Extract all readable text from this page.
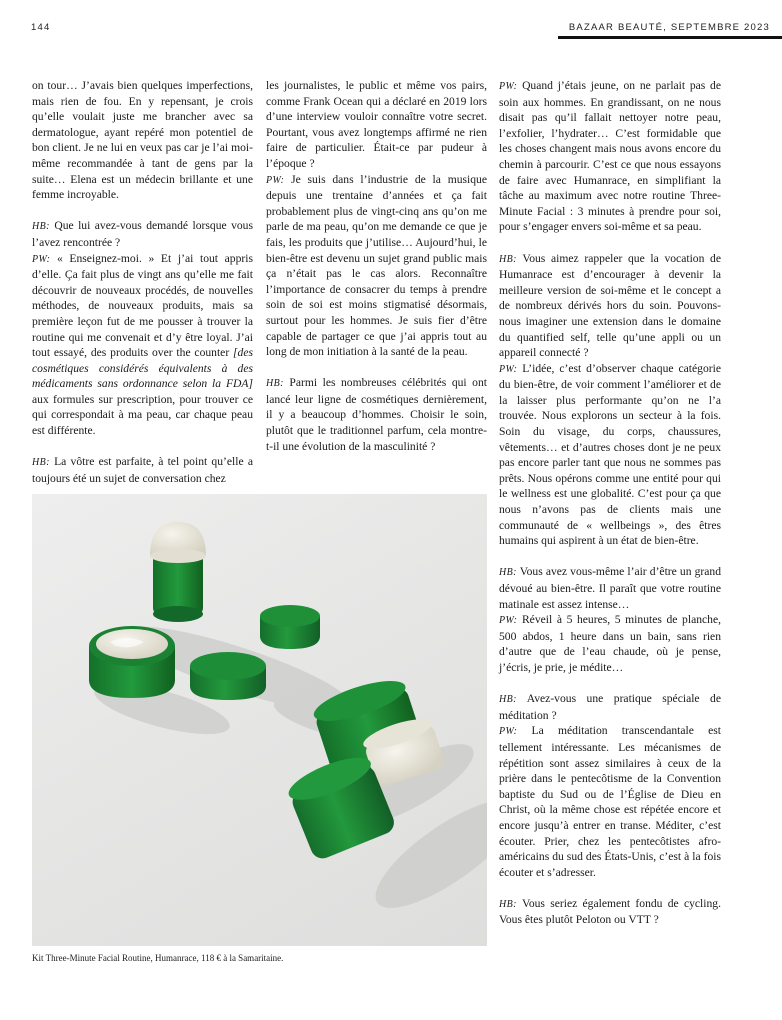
144	BAZAAR BEAUTÉ, SEPTEMBRE 2023

on tour… J’avais bien quelques imperfections, mais rien de fou. En y repensant, je crois qu’elle voulait juste me brancher avec sa dermatologue, ayant repéré mon potentiel de bon client. Je ne lui en veux pas car je l’ai moi-même recommandée à tant de gens par la suite… Elena est un médecin brillante et une femme incroyable.

HB: Que lui avez-vous demandé lorsque vous l’avez rencontrée ?

PW: « Enseignez-moi. » Et j’ai tout appris d’elle. Ça fait plus de vingt ans qu’elle me fait découvrir de nouveaux procédés, de nouvelles méthodes, de nouveaux produits, mais sa première leçon fut de me pousser à trouver la routine qui me convenait et d’y être loyal. J’ai tout essayé, des produits over the counter [des cosmétiques considérés équivalents à des médicaments sans ordonnance selon la FDA] aux formules sur prescription, pour trouver ce qui correspondait à ma peau, car chaque peau est différente.

HB: La vôtre est parfaite, à tel point qu’elle a toujours été un sujet de conversation chez

les journalistes, le public et même vos pairs, comme Frank Ocean qui a déclaré en 2019 lors d’une interview vouloir connaître votre secret. Pourtant, vous avez longtemps affirmé ne rien faire de particulier. Était-ce par pudeur à l’époque ?

PW: Je suis dans l’industrie de la musique depuis une trentaine d’années et ça fait probablement plus de vingt-cinq ans qu’on me parle de ma peau, qu’on me demande ce que je fais, les produits que j’utilise… Aujourd’hui, le bien-être est devenu un sujet grand public mais ça n’était pas le cas alors. Reconnaître l’importance de consacrer du temps à prendre soin de soi est moins stigmatisé désormais, surtout pour les hommes. Je suis fier d’être capable de partager ce que j’ai appris tout au long de mon initiation à la santé de la peau.

HB: Parmi les nombreuses célébrités qui ont lancé leur ligne de cosmétiques dernièrement, il y a beaucoup d’hommes. Choisir le soin, plutôt que le traditionnel parfum, cela montre-t-il une évolution de la masculinité ?

PW: Quand j’étais jeune, on ne parlait pas de soin aux hommes. En grandissant, on ne nous disait pas qu’il fallait nettoyer notre peau, l’exfolier, l’hydrater… C’est formidable que les choses changent mais nous avons encore du chemin à parcourir. C’est ce que nous essayons de faire avec Humanrace, en simplifiant la tâche au maximum avec notre routine Three-Minute Facial : 3 minutes à prendre pour soi, pour s’engager envers soi-même et sa peau.

HB: Vous aimez rappeler que la vocation de Humanrace est d’encourager à devenir la meilleure version de soi-même et le concept a de nombreux dérivés hors du soin. Pouvons-nous imaginer une extension dans le domaine du quantified self, telle qu’une appli ou un appareil connecté ?

PW: L’idée, c’est d’observer chaque catégorie du bien-être, de voir comment l’améliorer et de la laisser plus performante qu’on ne l’a trouvée. Nous explorons un secteur à la fois. Soin du visage, du corps, chaussures, vêtements… et d’autres choses dont je ne peux pas encore parler tant que nous ne sommes pas prêts. Nous opérons comme une entité pour qui le wellness est une globalité. C’est pour ça que nous n’avons pas de clients mais une communauté de « wellbeings », des êtres humains qui aspirent à un état de bien-être.

HB: Vous avez vous-même l’air d’être un grand dévoué au bien-être. Il paraît que votre routine matinale est assez intense…

PW: Réveil à 5 heures, 5 minutes de planche, 500 abdos, 1 heure dans un bain, sans rien d’autre que de l’eau chaude, où je pense, j’écris, je prie, je médite…

HB: Avez-vous une pratique spéciale de méditation ?

PW: La méditation transcendantale est tellement intéressante. Les mécanismes de répétition sont assez similaires à ceux de la prière dans le pentecôtisme de la Convention baptiste du Sud ou de l’Église de Dieu en Christ, où la même chose est répétée encore et encore jusqu’à entrer en transe. Méditer, c’est écouter. Prier, chez les pentecôtistes afro-américains du sud des États-Unis, c’est à la fois écouter et s’adresser.

HB: Vous seriez également fondu de cycling. Vous êtes plutôt Peloton ou VTT ?

Kit Three-Minute Facial Routine, Humanrace, 118 € à la Samaritaine.
